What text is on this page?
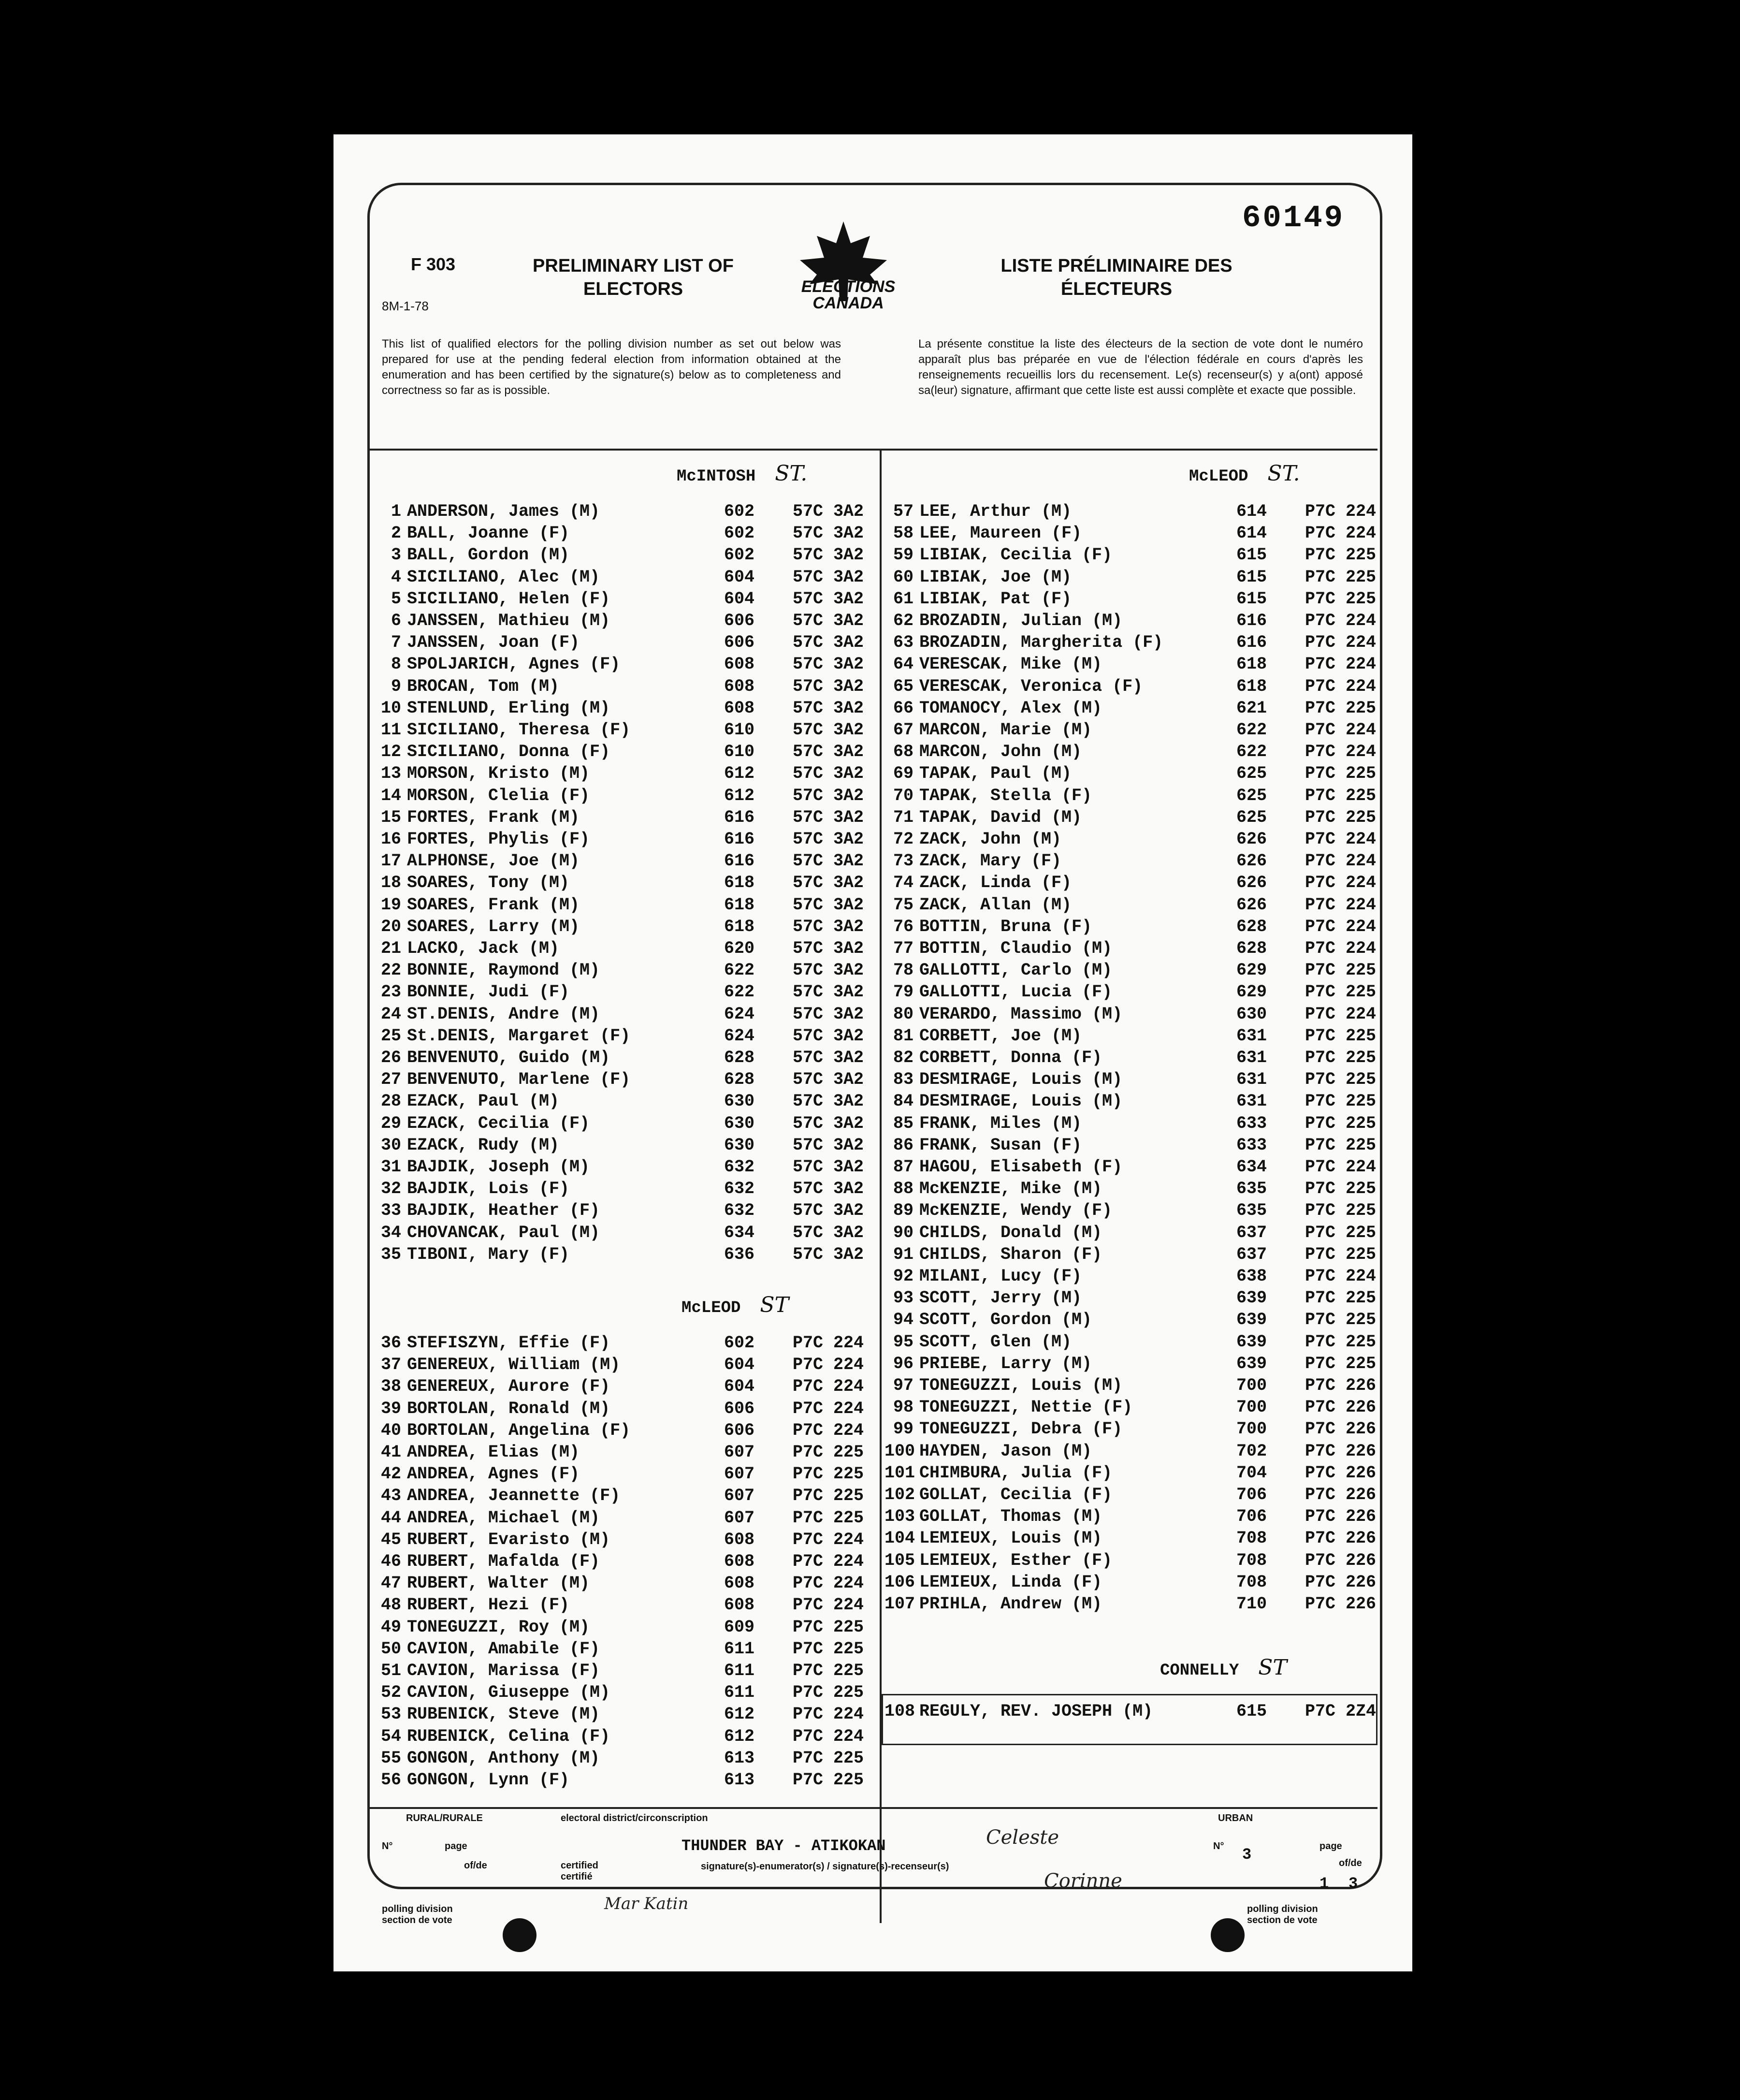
60149
F 303
8M-1-78
PRELIMINARY LIST OF ELECTORS
LISTE PRÉLIMINAIRE DES ÉLECTEURS
ELECTIONS CANADA
This list of qualified electors for the polling division number as set out below was prepared for use at the pending federal election from information obtained at the enumeration and has been certified by the signature(s) below as to completeness and correctness so far as is possible.
La présente constitue la liste des électeurs de la section de vote dont le numéro apparaît plus bas préparée en vue de l'élection fédérale en cours d'après les renseignements recueillis lors du recensement. Le(s) recenseur(s) y a(ont) apposé sa(leur) signature, affirmant que cette liste est aussi complète et exacte que possible.
McINTOSH ST.
1 ANDERSON, James (M)	602 57C 3A2
2 BALL, Joanne (F)	602 57C 3A2
3 BALL, Gordon (M)	602 57C 3A2
4 SICILIANO, Alec (M)	604 57C 3A2
5 SICILIANO, Helen (F)	604 57C 3A2
6 JANSSEN, Mathieu (M)	606 57C 3A2
7 JANSSEN, Joan (F)	606 57C 3A2
8 SPOLJARICH, Agnes (F)	608 57C 3A2
9 BROCAN, Tom (M)	608 57C 3A2
10 STENLUND, Erling (M)	608 57C 3A2
11 SICILIANO, Theresa (F)	610 57C 3A2
12 SICILIANO, Donna (F)	610 57C 3A2
13 MORSON, Kristo (M)	612 57C 3A2
14 MORSON, Clelia (F)	612 57C 3A2
15 FORTES, Frank (M)	616 57C 3A2
16 FORTES, Phylis (F)	616 57C 3A2
17 ALPHONSE, Joe (M)	616 57C 3A2
18 SOARES, Tony (M)	618 57C 3A2
19 SOARES, Frank (M)	618 57C 3A2
20 SOARES, Larry (M)	618 57C 3A2
21 LACKO, Jack (M)	620 57C 3A2
22 BONNIE, Raymond (M)	622 57C 3A2
23 BONNIE, Judi (F)	622 57C 3A2
24 ST.DENIS, Andre (M)	624 57C 3A2
25 St.DENIS, Margaret (F)	624 57C 3A2
26 BENVENUTO, Guido (M)	628 57C 3A2
27 BENVENUTO, Marlene (F)	628 57C 3A2
28 EZACK, Paul (M)	630 57C 3A2
29 EZACK, Cecilia (F)	630 57C 3A2
30 EZACK, Rudy (M)	630 57C 3A2
31 BAJDIK, Joseph (M)	632 57C 3A2
32 BAJDIK, Lois (F)	632 57C 3A2
33 BAJDIK, Heather (F)	632 57C 3A2
34 CHOVANCAK, Paul (M)	634 57C 3A2
35 TIBONI, Mary (F)	636 57C 3A2
McLEOD ST
36 STEFISZYN, Effie (F)	602 P7C 224
37 GENEREUX, William (M)	604 P7C 224
38 GENEREUX, Aurore (F)	604 P7C 224
39 BORTOLAN, Ronald (M)	606 P7C 224
40 BORTOLAN, Angelina (F)	606 P7C 224
41 ANDREA, Elias (M)	607 P7C 225
42 ANDREA, Agnes (F)	607 P7C 225
43 ANDREA, Jeannette (F)	607 P7C 225
44 ANDREA, Michael (M)	607 P7C 225
45 RUBERT, Evaristo (M)	608 P7C 224
46 RUBERT, Mafalda (F)	608 P7C 224
47 RUBERT, Walter (M)	608 P7C 224
48 RUBERT, Hezi (F)	608 P7C 224
49 TONEGUZZI, Roy (M)	609 P7C 225
50 CAVION, Amabile (F)	611 P7C 225
51 CAVION, Marissa (F)	611 P7C 225
52 CAVION, Giuseppe (M)	611 P7C 225
53 RUBENICK, Steve (M)	612 P7C 224
54 RUBENICK, Celina (F)	612 P7C 224
55 GONGON, Anthony (M)	613 P7C 225
56 GONGON, Lynn (F)	613 P7C 225
McLEOD ST.
57 LEE, Arthur (M)	614 P7C 224
58 LEE, Maureen (F)	614 P7C 224
59 LIBIAK, Cecilia (F)	615 P7C 225
60 LIBIAK, Joe (M)	615 P7C 225
61 LIBIAK, Pat (F)	615 P7C 225
62 BROZADIN, Julian (M)	616 P7C 224
63 BROZADIN, Margherita (F)	616 P7C 224
64 VERESCAK, Mike (M)	618 P7C 224
65 VERESCAK, Veronica (F)	618 P7C 224
66 TOMANOCY, Alex (M)	621 P7C 225
67 MARCON, Marie (M)	622 P7C 224
68 MARCON, John (M)	622 P7C 224
69 TAPAK, Paul (M)	625 P7C 225
70 TAPAK, Stella (F)	625 P7C 225
71 TAPAK, David (M)	625 P7C 225
72 ZACK, John (M)	626 P7C 224
73 ZACK, Mary (F)	626 P7C 224
74 ZACK, Linda (F)	626 P7C 224
75 ZACK, Allan (M)	626 P7C 224
76 BOTTIN, Bruna (F)	628 P7C 224
77 BOTTIN, Claudio (M)	628 P7C 224
78 GALLOTTI, Carlo (M)	629 P7C 225
79 GALLOTTI, Lucia (F)	629 P7C 225
80 VERARDO, Massimo (M)	630 P7C 224
81 CORBETT, Joe (M)	631 P7C 225
82 CORBETT, Donna (F)	631 P7C 225
83 DESMIRAGE, Louis (M)	631 P7C 225
84 DESMIRAGE, Louis (M)	631 P7C 225
85 FRANK, Miles (M)	633 P7C 225
86 FRANK, Susan (F)	633 P7C 225
87 HAGOU, Elisabeth (F)	634 P7C 224
88 McKENZIE, Mike (M)	635 P7C 225
89 McKENZIE, Wendy (F)	635 P7C 225
90 CHILDS, Donald (M)	637 P7C 225
91 CHILDS, Sharon (F)	637 P7C 225
92 MILANI, Lucy (F)	638 P7C 224
93 SCOTT, Jerry (M)	639 P7C 225
94 SCOTT, Gordon (M)	639 P7C 225
95 SCOTT, Glen (M)	639 P7C 225
96 PRIEBE, Larry (M)	639 P7C 225
97 TONEGUZZI, Louis (M)	700 P7C 226
98 TONEGUZZI, Nettie (F)	700 P7C 226
99 TONEGUZZI, Debra (F)	700 P7C 226
100 HAYDEN, Jason (M)	702 P7C 226
101 CHIMBURA, Julia (F)	704 P7C 226
102 GOLLAT, Cecilia (F)	706 P7C 226
103 GOLLAT, Thomas (M)	706 P7C 226
104 LEMIEUX, Louis (M)	708 P7C 226
105 LEMIEUX, Esther (F)	708 P7C 226
106 LEMIEUX, Linda (F)	708 P7C 226
107 PRIHLA, Andrew (M)	710 P7C 226
CONNELLY ST
108 REGULY, REV. JOSEPH (M)	615 P7C 2Z4
RURAL/RURALE	electoral district/circonscription	URBAN
N°	page
of/de	certified certifié
THUNDER BAY - ATIKOKAN
signature(s)-enumerator(s) / signature(s)-recenseur(s)
N° 3	page
of/de
1 3
polling division section de vote
polling division section de vote
Celeste
Corinne
Mar Katin
